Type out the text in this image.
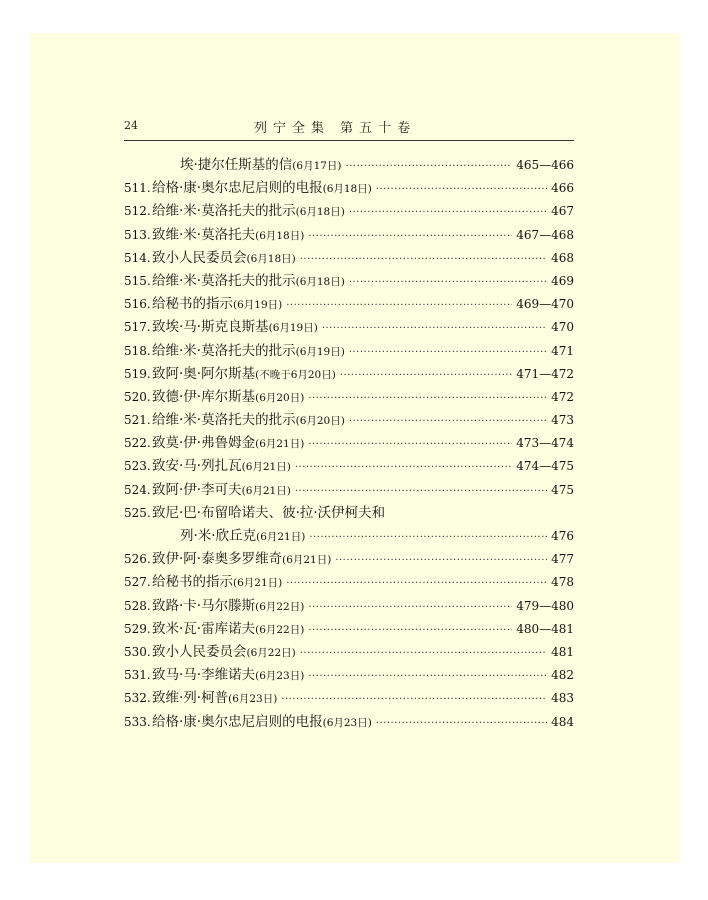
24	列宁全集 第五十卷
埃·捷尔任斯基的信 (6月17日) ·····	465—466
511. 给格·康·奥尔忠尼启则的电报 (6月18日) ·····	466
512. 给维·米·莫洛托夫的批示 (6月18日) ·····	467
513. 致维·米·莫洛托夫 (6月18日) ·····	467—468
514. 致小人民委员会 (6月18日) ·····	468
515. 给维·米·莫洛托夫的批示 (6月18日) ·····	469
516. 给秘书的指示 (6月19日) ·····	469—470
517. 致埃·马·斯克良斯基 (6月19日) ·····	470
518. 给维·米·莫洛托夫的批示 (6月19日) ·····	471
519. 致阿·奥·阿尔斯基 (不晚于6月20日) ·····	471—472
520. 致德·伊·库尔斯基 (6月20日) ·····	472
521. 给维·米·莫洛托夫的批示 (6月20日) ·····	473
522. 致莫·伊·弗鲁姆金 (6月21日) ·····	473—474
523. 致安·马·列扎瓦 (6月21日) ·····	474—475
524. 致阿·伊·李可夫 (6月21日) ·····	475
525. 致尼·巴·布留哈诺夫、彼·拉·沃伊柯夫和
列·米·欣丘克 (6月21日) ·····	476
526. 致伊·阿·泰奥多罗维奇 (6月21日) ·····	477
527. 给秘书的指示 (6月21日) ·····	478
528. 致路·卡·马尔滕斯 (6月22日) ·····	479—480
529. 致米·瓦·雷库诺夫 (6月22日) ·····	480—481
530. 致小人民委员会 (6月22日) ·····	481
531. 致马·马·李维诺夫 (6月23日) ·····	482
532. 致维·列·柯普 (6月23日) ·····	483
533. 给格·康·奥尔忠尼启则的电报 (6月23日) ·····	484
